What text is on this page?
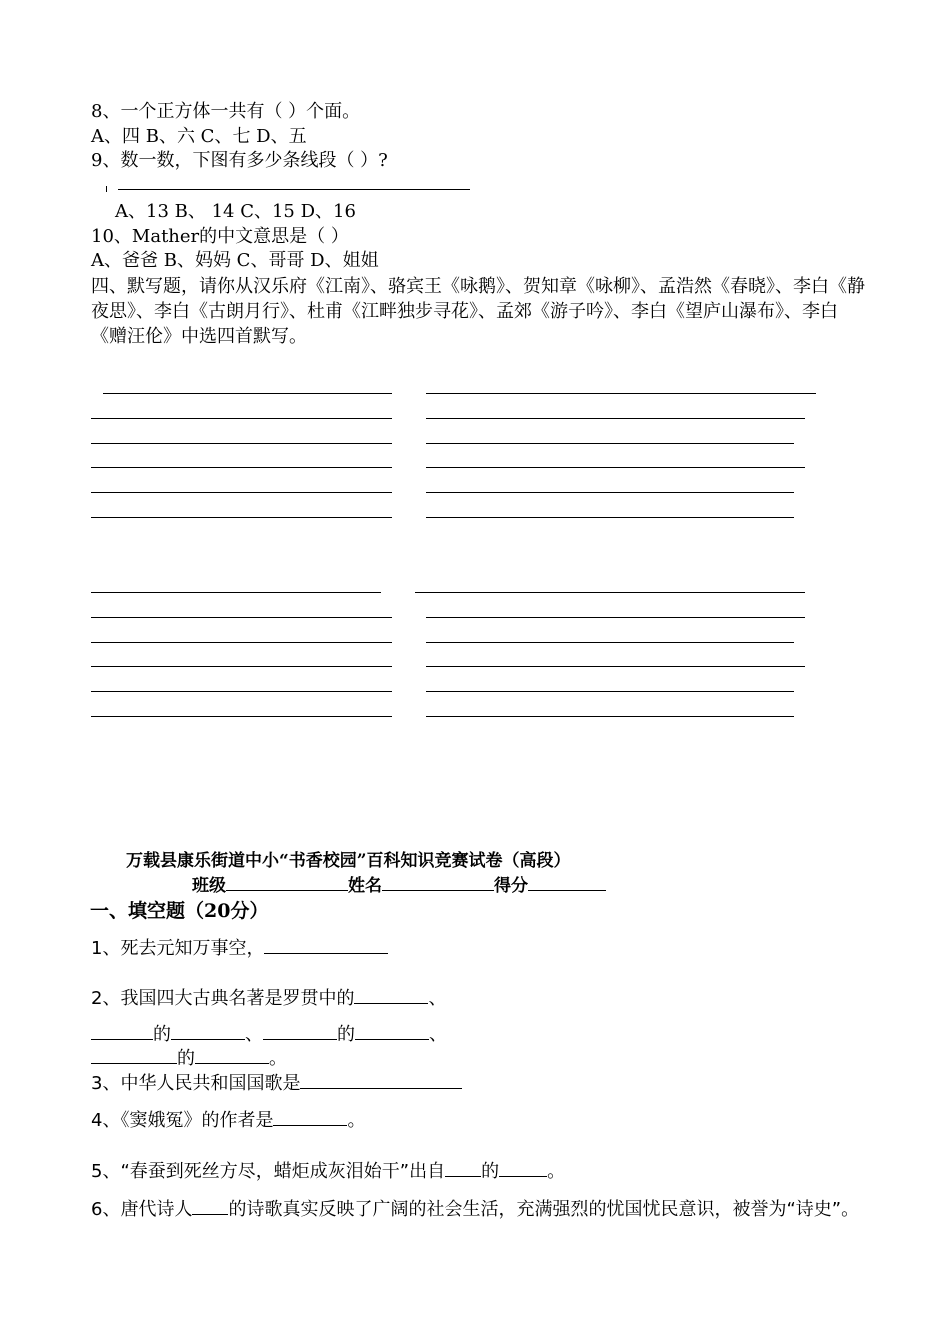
8、一个正方体一共有（ ）个面。
A、四 B、六 C、七 D、五
9、数一数，下图有多少条线段（ ）?
A、13 B、 14 C、15 D、16
10、Mather的中文意思是（ ）
A、爸爸 B、妈妈 C、哥哥 D、姐姐
四、默写题，请你从汉乐府《江南》、骆宾王《咏鹅》、贺知章《咏柳》、孟浩然《春晓》、李白《静夜思》、李白《古朗月行》、杜甫《江畔独步寻花》、孟郊《游子吟》、李白《望庐山瀑布》、李白《赠汪伦》中选四首默写。
万载县康乐街道中小“书香校园”百科知识竞赛试卷（高段）
班级	姓名	得分
一、填空题（20分）
1、死去元知万事空，
2、我国四大古典名著是罗贯中的	、
的	、	的	、
的	。
3、中华人民共和国国歌是
4、《窦娥冤》的作者是	。
5、“春蚕到死丝方尽，蜡炬成灰泪始干”出自 的	。
6、唐代诗人 的诗歌真实反映了广阔的社会生活，充满强烈的忧国忧民意识，被誉为“诗史”。
